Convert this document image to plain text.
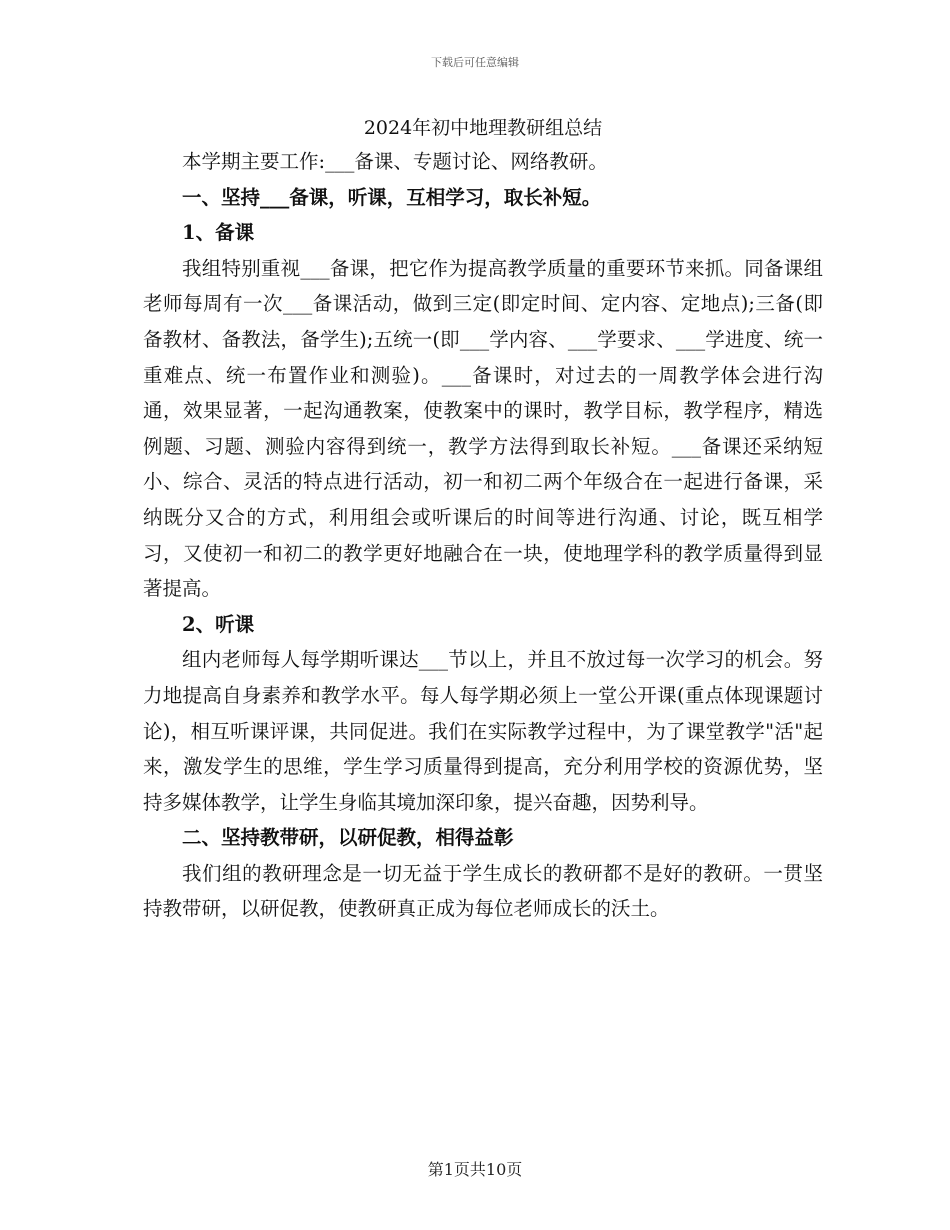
下载后可任意编辑
2024年初中地理教研组总结

本学期主要工作:___备课、专题讨论、网络教研。

一、坚持___备课，听课，互相学习，取长补短。

1、备课

我组特别重视___备课，把它作为提高教学质量的重要环节来抓。同备课组老师每周有一次___备课活动，做到三定(即定时间、定内容、定地点);三备(即备教材、备教法，备学生);五统一(即___学内容、___学要求、___学进度、统一重难点、统一布置作业和测验)。___备课时，对过去的一周教学体会进行沟通，效果显著，一起沟通教案，使教案中的课时，教学目标，教学程序，精选例题、习题、测验内容得到统一，教学方法得到取长补短。___备课还采纳短小、综合、灵活的特点进行活动，初一和初二两个年级合在一起进行备课，采纳既分又合的方式，利用组会或听课后的时间等进行沟通、讨论，既互相学习，又使初一和初二的教学更好地融合在一块，使地理学科的教学质量得到显著提高。

2、听课

组内老师每人每学期听课达___节以上，并且不放过每一次学习的机会。努力地提高自身素养和教学水平。每人每学期必须上一堂公开课(重点体现课题讨论)，相互听课评课，共同促进。我们在实际教学过程中，为了课堂教学"活"起来，激发学生的思维，学生学习质量得到提高，充分利用学校的资源优势，坚持多媒体教学，让学生身临其境加深印象，提兴奋趣，因势利导。

二、坚持教带研，以研促教，相得益彰

我们组的教研理念是一切无益于学生成长的教研都不是好的教研。一贯坚持教带研，以研促教，使教研真正成为每位老师成长的沃土。

第1页共10页
